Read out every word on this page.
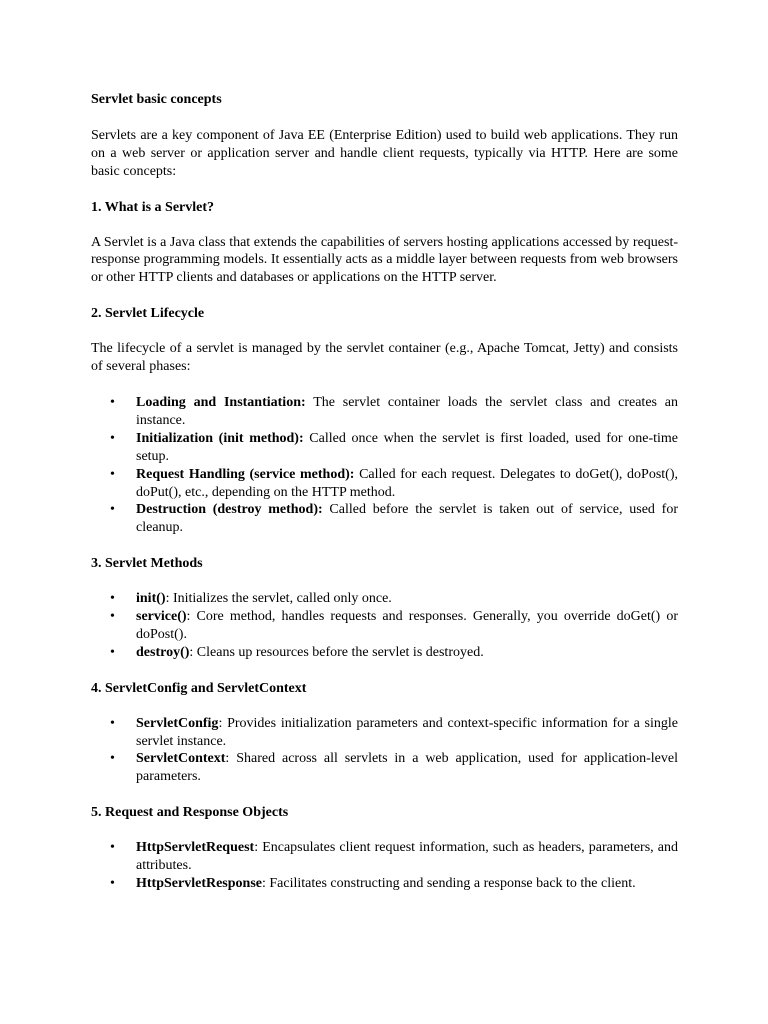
Servlet basic concepts

Servlets are a key component of Java EE (Enterprise Edition) used to build web applications. They run on a web server or application server and handle client requests, typically via HTTP. Here are some basic concepts:

1. What is a Servlet?

A Servlet is a Java class that extends the capabilities of servers hosting applications accessed by request-response programming models. It essentially acts as a middle layer between requests from web browsers or other HTTP clients and databases or applications on the HTTP server.

2. Servlet Lifecycle

The lifecycle of a servlet is managed by the servlet container (e.g., Apache Tomcat, Jetty) and consists of several phases:

• Loading and Instantiation: The servlet container loads the servlet class and creates an instance.
• Initialization (init method): Called once when the servlet is first loaded, used for one-time setup.
• Request Handling (service method): Called for each request. Delegates to doGet(), doPost(), doPut(), etc., depending on the HTTP method.
• Destruction (destroy method): Called before the servlet is taken out of service, used for cleanup.
3. Servlet Methods
• init(): Initializes the servlet, called only once.
• service(): Core method, handles requests and responses. Generally, you override doGet() or doPost().
• destroy(): Cleans up resources before the servlet is destroyed.
4. ServletConfig and ServletContext
• ServletConfig: Provides initialization parameters and context-specific information for a single servlet instance.
• ServletContext: Shared across all servlets in a web application, used for application-level parameters.
5. Request and Response Objects
• HttpServletRequest: Encapsulates client request information, such as headers, parameters, and attributes.
• HttpServletResponse: Facilitates constructing and sending a response back to the client.
